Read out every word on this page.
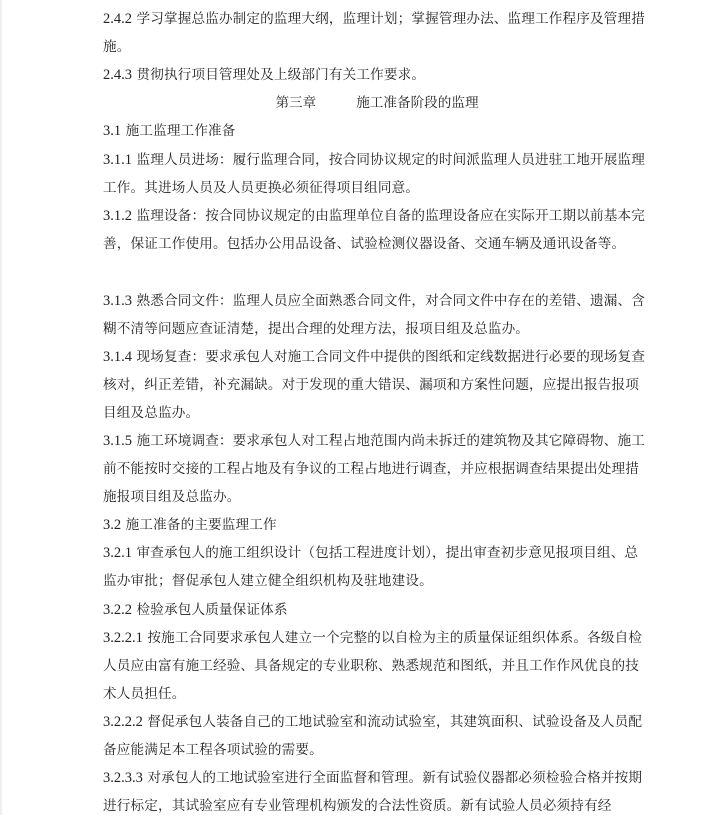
2.4.2 学习掌握总监办制定的监理大纲，监理计划；掌握管理办法、监理工作程序及管理措施。

2.4.3 贯彻执行项目管理处及上级部门有关工作要求。

第三章	施工准备阶段的监理

3.1 施工监理工作准备

3.1.1 监理人员进场：履行监理合同，按合同协议规定的时间派监理人员进驻工地开展监理工作。其进场人员及人员更换必须征得项目组同意。

3.1.2 监理设备：按合同协议规定的由监理单位自备的监理设备应在实际开工期以前基本完善，保证工作使用。包括办公用品设备、试验检测仪器设备、交通车辆及通讯设备等。

3.1.3 熟悉合同文件：监理人员应全面熟悉合同文件，对合同文件中存在的差错、遗漏、含糊不清等问题应查证清楚，提出合理的处理方法，报项目组及总监办。

3.1.4 现场复查：要求承包人对施工合同文件中提供的图纸和定线数据进行必要的现场复查核对，纠正差错，补充漏缺。对于发现的重大错误、漏项和方案性问题，应提出报告报项目组及总监办。

3.1.5 施工环境调查：要求承包人对工程占地范围内尚未拆迁的建筑物及其它障碍物、施工前不能按时交接的工程占地及有争议的工程占地进行调查，并应根据调查结果提出处理措施报项目组及总监办。

3.2 施工准备的主要监理工作

3.2.1 审查承包人的施工组织设计（包括工程进度计划），提出审查初步意见报项目组、总监办审批；督促承包人建立健全组织机构及驻地建设。

3.2.2 检验承包人质量保证体系

3.2.2.1 按施工合同要求承包人建立一个完整的以自检为主的质量保证组织体系。各级自检人员应由富有施工经验、具备规定的专业职称、熟悉规范和图纸，并且工作作风优良的技术人员担任。

3.2.2.2 督促承包人装备自己的工地试验室和流动试验室，其建筑面积、试验设备及人员配备应能满足本工程各项试验的需要。

3.2.3.3 对承包人的工地试验室进行全面监督和管理。新有试验仪器都必须检验合格并按期进行标定，其试验室应有专业管理机构颁发的合法性资质。新有试验人员必须持有经
